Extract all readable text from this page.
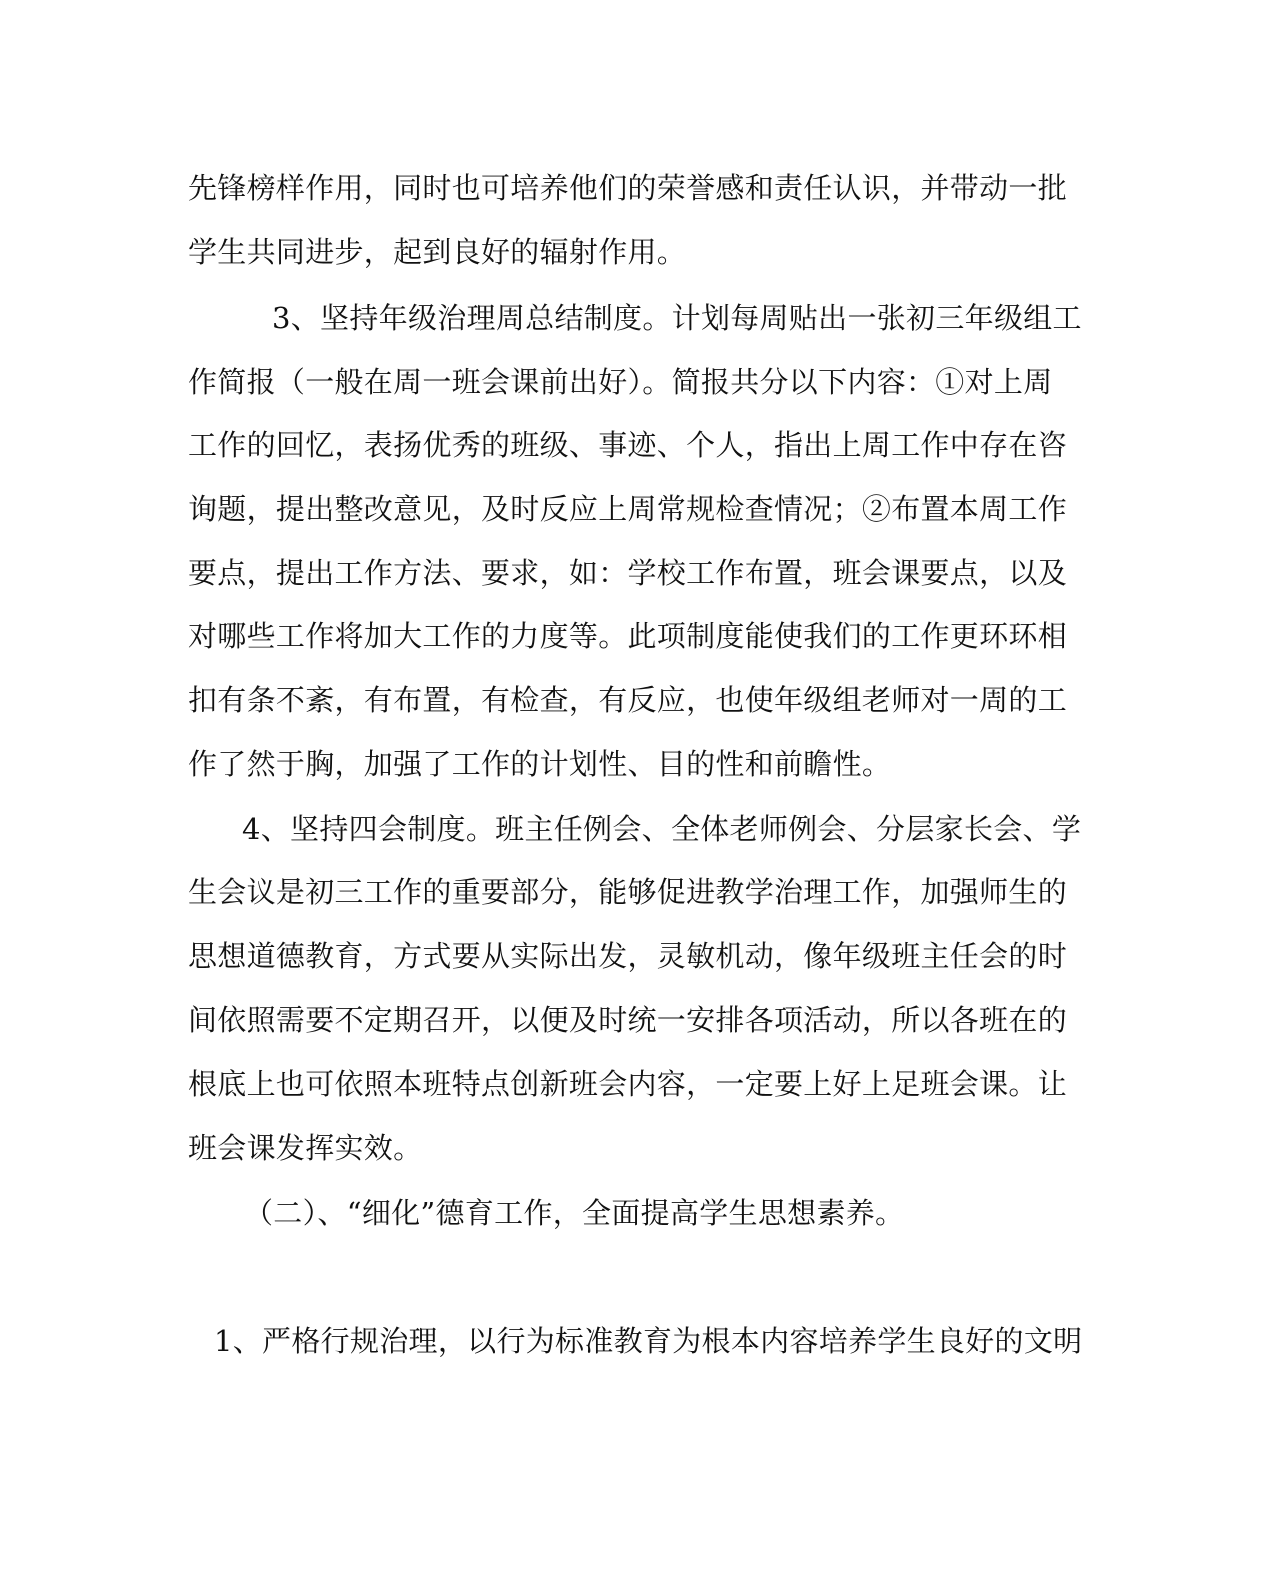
先锋榜样作用，同时也可培养他们的荣誉感和责任认识，并带动一批
学生共同进步，起到良好的辐射作用。
3、坚持年级治理周总结制度。计划每周贴出一张初三年级组工
作简报（一般在周一班会课前出好）。简报共分以下内容：①对上周
工作的回忆，表扬优秀的班级、事迹、个人，指出上周工作中存在咨
询题，提出整改意见，及时反应上周常规检查情况；②布置本周工作
要点，提出工作方法、要求，如：学校工作布置，班会课要点，以及
对哪些工作将加大工作的力度等。此项制度能使我们的工作更环环相
扣有条不紊，有布置，有检查，有反应，也使年级组老师对一周的工
作了然于胸，加强了工作的计划性、目的性和前瞻性。
4、坚持四会制度。班主任例会、全体老师例会、分层家长会、学
生会议是初三工作的重要部分，能够促进教学治理工作，加强师生的
思想道德教育，方式要从实际出发，灵敏机动，像年级班主任会的时
间依照需要不定期召开，以便及时统一安排各项活动，所以各班在的
根底上也可依照本班特点创新班会内容，一定要上好上足班会课。让
班会课发挥实效。
（二）、“细化”德育工作，全面提高学生思想素养。
1、严格行规治理，以行为标准教育为根本内容培养学生良好的文明
